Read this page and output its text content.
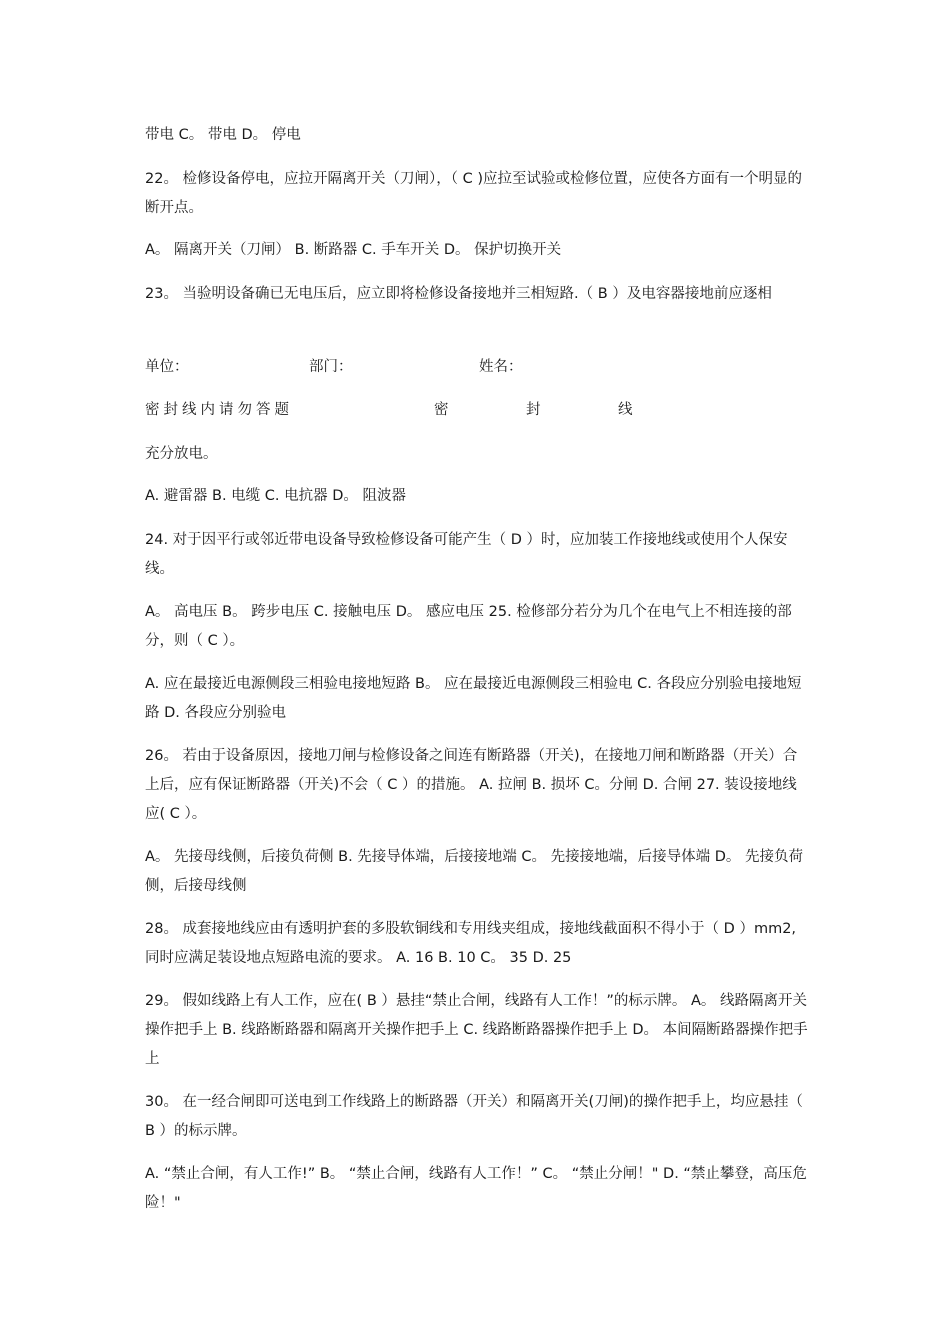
带电 C。 带电 D。 停电
22。 检修设备停电，应拉开隔离开关（刀闸），（ C )应拉至试验或检修位置，应使各方面有一个明显的断开点。
A。 隔离开关（刀闸） B. 断路器 C. 手车开关 D。 保护切换开关
23。 当验明设备确已无电压后，应立即将检修设备接地并三相短路.（ B ）及电容器接地前应逐相
单位：	部门：	姓名：
密封线内请勿答题	密	封	线
充分放电。
A. 避雷器 B. 电缆 C. 电抗器 D。 阻波器
24. 对于因平行或邻近带电设备导致检修设备可能产生（ D ）时，应加装工作接地线或使用个人保安线。
A。 高电压 B。 跨步电压 C. 接触电压 D。 感应电压 25. 检修部分若分为几个在电气上不相连接的部分，则（ C ）。
A. 应在最接近电源侧段三相验电接地短路 B。 应在最接近电源侧段三相验电 C. 各段应分别验电接地短路 D. 各段应分别验电
26。 若由于设备原因，接地刀闸与检修设备之间连有断路器（开关)，在接地刀闸和断路器（开关）合上后，应有保证断路器（开关)不会（ C ）的措施。 A. 拉闸 B. 损坏 C。分闸 D. 合闸 27. 装设接地线应( C ）。
A。 先接母线侧，后接负荷侧 B. 先接导体端，后接接地端 C。 先接接地端，后接导体端 D。 先接负荷侧，后接母线侧
28。 成套接地线应由有透明护套的多股软铜线和专用线夹组成，接地线截面积不得小于（ D ）mm2,同时应满足装设地点短路电流的要求。 A. 16 B. 10 C。 35 D. 25
29。 假如线路上有人工作，应在( B ）悬挂“禁止合闸，线路有人工作！”的标示牌。 A。 线路隔离开关操作把手上 B. 线路断路器和隔离开关操作把手上 C. 线路断路器操作把手上 D。 本间隔断路器操作把手上
30。 在一经合闸即可送电到工作线路上的断路器（开关）和隔离开关(刀闸)的操作把手上，均应悬挂（ B ）的标示牌。
A. “禁止合闸，有人工作!” B。 “禁止合闸，线路有人工作！” C。 “禁止分闸！" D. “禁止攀登，高压危险！"
